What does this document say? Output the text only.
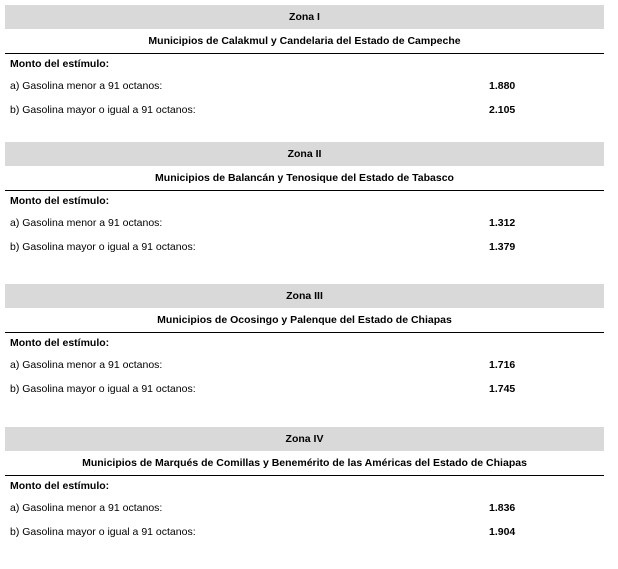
Zona I
Municipios de Calakmul y Candelaria del Estado de Campeche
Monto del estímulo:
a) Gasolina menor a 91 octanos:	1.880
b) Gasolina mayor o igual a 91 octanos:	2.105
Zona II
Municipios de Balancán y Tenosique del Estado de Tabasco
Monto del estímulo:
a) Gasolina menor a 91 octanos:	1.312
b) Gasolina mayor o igual a 91 octanos:	1.379
Zona III
Municipios de Ocosingo y Palenque del Estado de Chiapas
Monto del estímulo:
a) Gasolina menor a 91 octanos:	1.716
b) Gasolina mayor o igual a 91 octanos:	1.745
Zona IV
Municipios de Marqués de Comillas y Benemérito de las Américas del Estado de Chiapas
Monto del estímulo:
a) Gasolina menor a 91 octanos:	1.836
b) Gasolina mayor o igual a 91 octanos:	1.904
